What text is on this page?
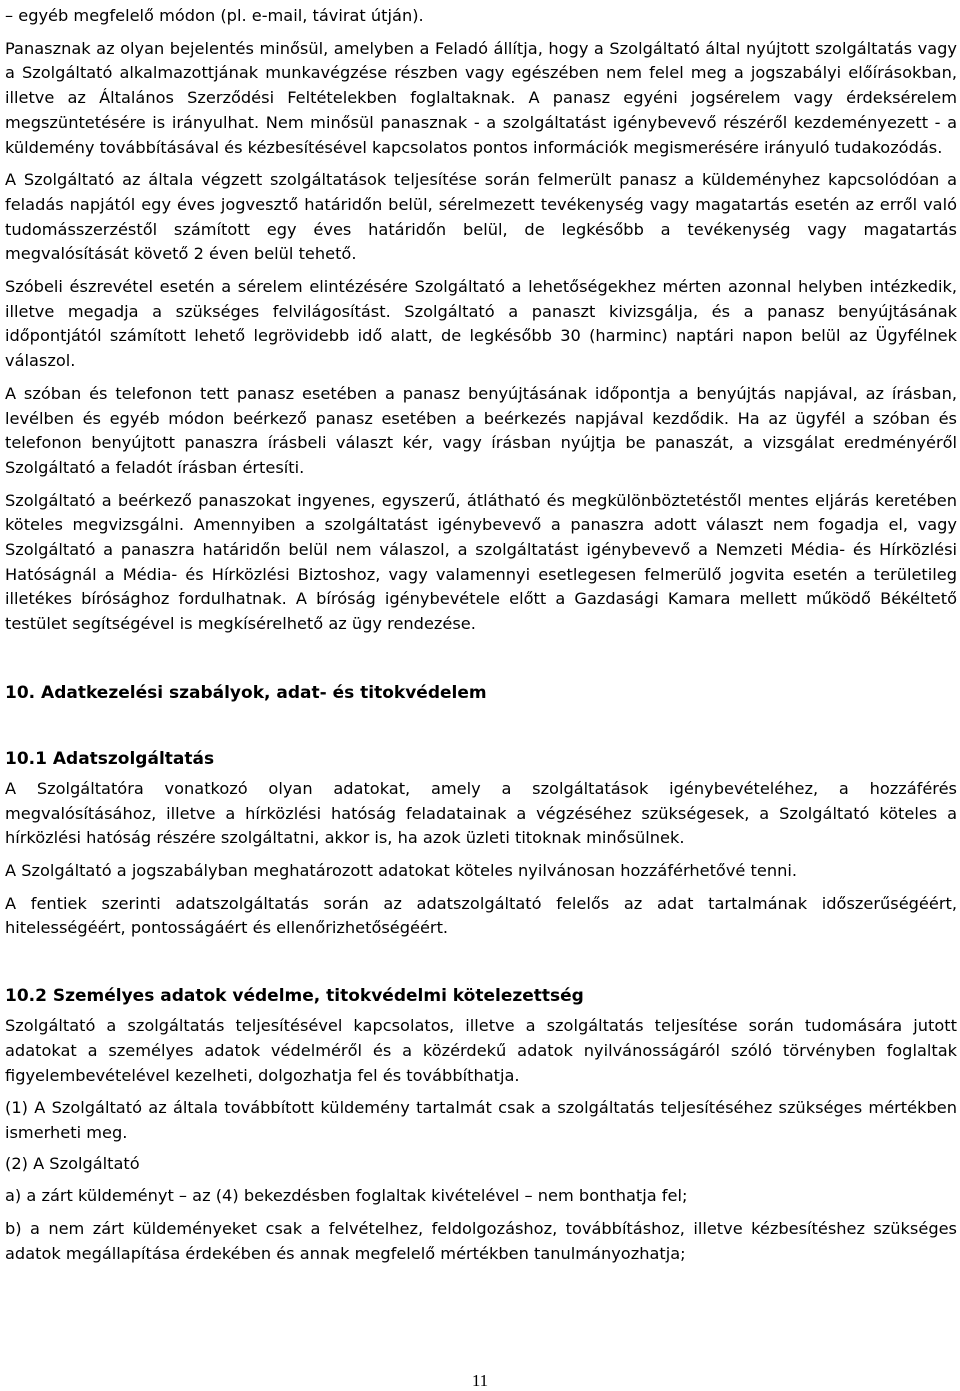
– egyéb megfelelő módon (pl. e-mail, távirat útján).

Panasznak az olyan bejelentés minősül, amelyben a Feladó állítja, hogy a Szolgáltató által nyújtott szolgáltatás vagy a Szolgáltató alkalmazottjának munkavégzése részben vagy egészében nem felel meg a jogszabályi előírásokban, illetve az Általános Szerződési Feltételekben foglaltaknak. A panasz egyéni jogsérelem vagy érdeksérelem megszüntetésére is irányulhat. Nem minősül panasznak - a szolgáltatást igénybevevő részéről kezdeményezett - a küldemény továbbításával és kézbesítésével kapcsolatos pontos információk megismerésére irányuló tudakozódás.

A Szolgáltató az általa végzett szolgáltatások teljesítése során felmerült panasz a küldeményhez kapcsolódóan a feladás napjától egy éves jogvesztő határidőn belül, sérelmezett tevékenység vagy magatartás esetén az erről való tudomásszerzéstől számított egy éves határidőn belül, de legkésőbb a tevékenység vagy magatartás megvalósítását követő 2 éven belül tehető.

Szóbeli észrevétel esetén a sérelem elintézésére Szolgáltató a lehetőségekhez mérten azonnal helyben intézkedik, illetve megadja a szükséges felvilágosítást. Szolgáltató a panaszt kivizsgálja, és a panasz benyújtásának időpontjától számított lehető legrövidebb idő alatt, de legkésőbb 30 (harminc) naptári napon belül az Ügyfélnek válaszol.

A szóban és telefonon tett panasz esetében a panasz benyújtásának időpontja a benyújtás napjával, az írásban, levélben és egyéb módon beérkező panasz esetében a beérkezés napjával kezdődik. Ha az ügyfél a szóban és telefonon benyújtott panaszra írásbeli választ kér, vagy írásban nyújtja be panaszát, a vizsgálat eredményéről Szolgáltató a feladót írásban értesíti.

Szolgáltató a beérkező panaszokat ingyenes, egyszerű, átlátható és megkülönböztetéstől mentes eljárás keretében köteles megvizsgálni. Amennyiben a szolgáltatást igénybevevő a panaszra adott választ nem fogadja el, vagy Szolgáltató a panaszra határidőn belül nem válaszol, a szolgáltatást igénybevevő a Nemzeti Média- és Hírközlési Hatóságnál a Média- és Hírközlési Biztoshoz, vagy valamennyi esetlegesen felmerülő jogvita esetén a területileg illetékes bírósághoz fordulhatnak. A bíróság igénybevétele előtt a Gazdasági Kamara mellett működő Békéltető testület segítségével is megkísérelhető az ügy rendezése.

10. Adatkezelési szabályok, adat- és titokvédelem
10.1 Adatszolgáltatás

A Szolgáltatóra vonatkozó olyan adatokat, amely a szolgáltatások igénybevételéhez, a hozzáférés megvalósításához, illetve a hírközlési hatóság feladatainak a végzéséhez szükségesek, a Szolgáltató köteles a hírközlési hatóság részére szolgáltatni, akkor is, ha azok üzleti titoknak minősülnek.

A Szolgáltató a jogszabályban meghatározott adatokat köteles nyilvánosan hozzáférhetővé tenni.

A fentiek szerinti adatszolgáltatás során az adatszolgáltató felelős az adat tartalmának időszerűségéért, hitelességéért, pontosságáért és ellenőrizhetőségéért.

10.2 Személyes adatok védelme, titokvédelmi kötelezettség

Szolgáltató a szolgáltatás teljesítésével kapcsolatos, illetve a szolgáltatás teljesítése során tudomására jutott adatokat a személyes adatok védelméről és a közérdekű adatok nyilvánosságáról szóló törvényben foglaltak figyelembevételével kezelheti, dolgozhatja fel és továbbíthatja.

(1) A Szolgáltató az általa továbbított küldemény tartalmát csak a szolgáltatás teljesítéséhez szükséges mértékben ismerheti meg.

(2) A Szolgáltató

a) a zárt küldeményt – az (4) bekezdésben foglaltak kivételével – nem bonthatja fel;

b) a nem zárt küldeményeket csak a felvételhez, feldolgozáshoz, továbbításhoz, illetve kézbesítéshez szükséges adatok megállapítása érdekében és annak megfelelő mértékben tanulmányozhatja;

11
